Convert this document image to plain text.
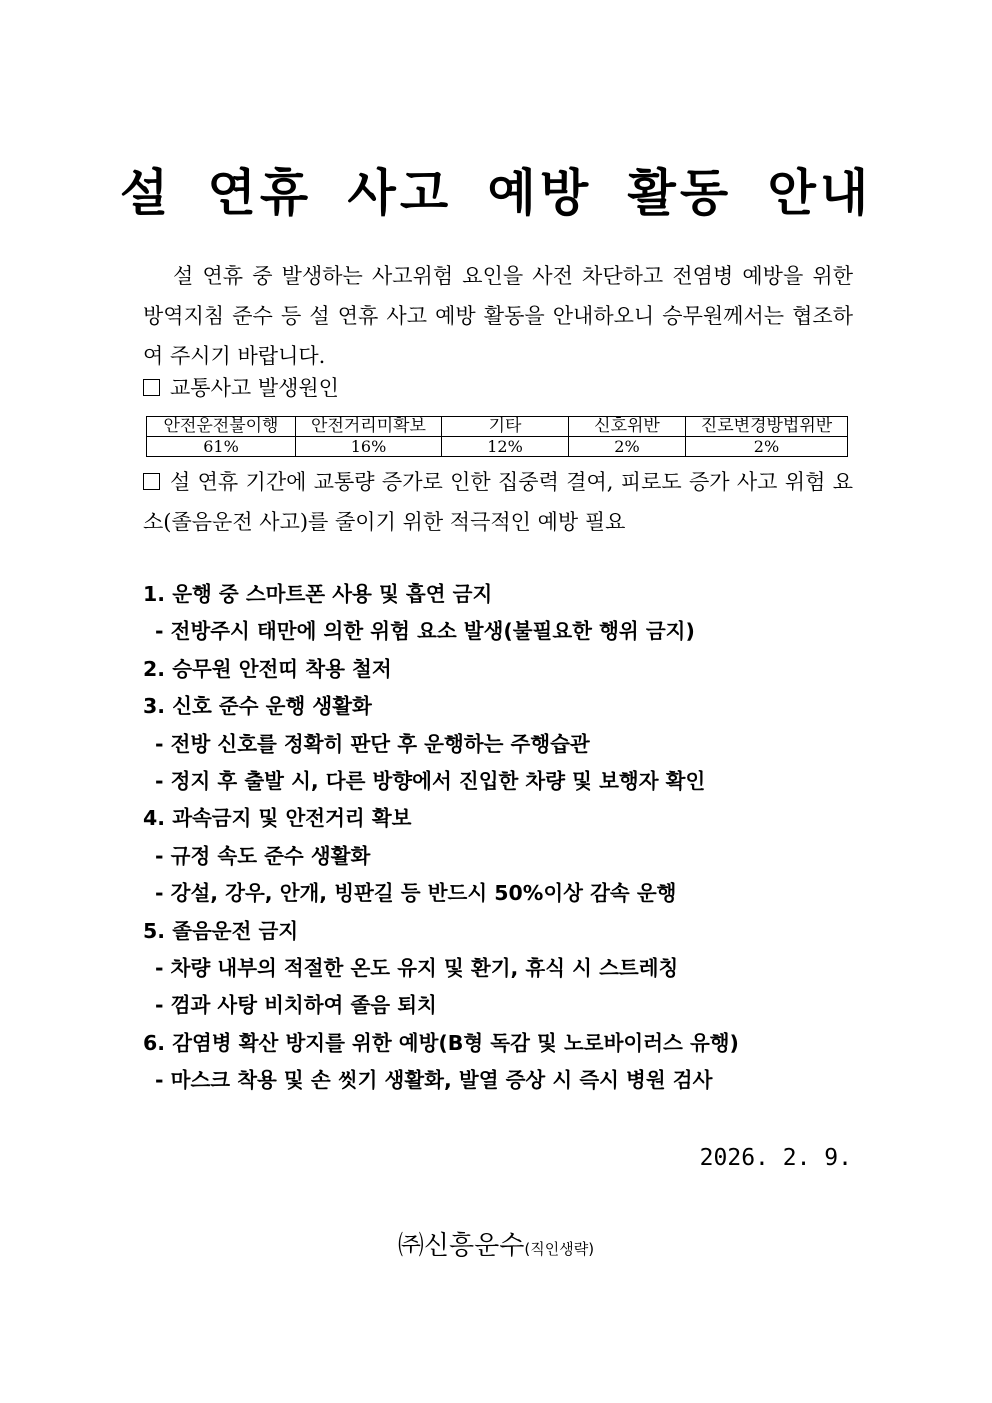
설 연휴 사고 예방 활동 안내

설 연휴 중 발생하는 사고위험 요인을 사전 차단하고 전염병 예방을 위한 방역지침 준수 등 설 연휴 사고 예방 활동을 안내하오니 승무원께서는 협조하여 주시기 바랍니다.

교통사고 발생원인

안전운전불이행	안전거리미확보	기타	신호위반	진로변경방법위반
61%	16%	12%	2%	2%

설 연휴 기간에 교통량 증가로 인한 집중력 결여, 피로도 증가 사고 위험 요소(졸음운전 사고)를 줄이기 위한 적극적인 예방 필요

1. 운행 중 스마트폰 사용 및 흡연 금지
- 전방주시 태만에 의한 위험 요소 발생(불필요한 행위 금지)
2. 승무원 안전띠 착용 철저
3. 신호 준수 운행 생활화
- 전방 신호를 정확히 판단 후 운행하는 주행습관
- 정지 후 출발 시, 다른 방향에서 진입한 차량 및 보행자 확인
4. 과속금지 및 안전거리 확보
- 규정 속도 준수 생활화
- 강설, 강우, 안개, 빙판길 등 반드시 50%이상 감속 운행
5. 졸음운전 금지
- 차량 내부의 적절한 온도 유지 및 환기, 휴식 시 스트레칭
- 껌과 사탕 비치하여 졸음 퇴치
6. 감염병 확산 방지를 위한 예방(B형 독감 및 노로바이러스 유행)
- 마스크 착용 및 손 씻기 생활화, 발열 증상 시 즉시 병원 검사

2026. 2. 9.

㈜신흥운수(직인생략)
